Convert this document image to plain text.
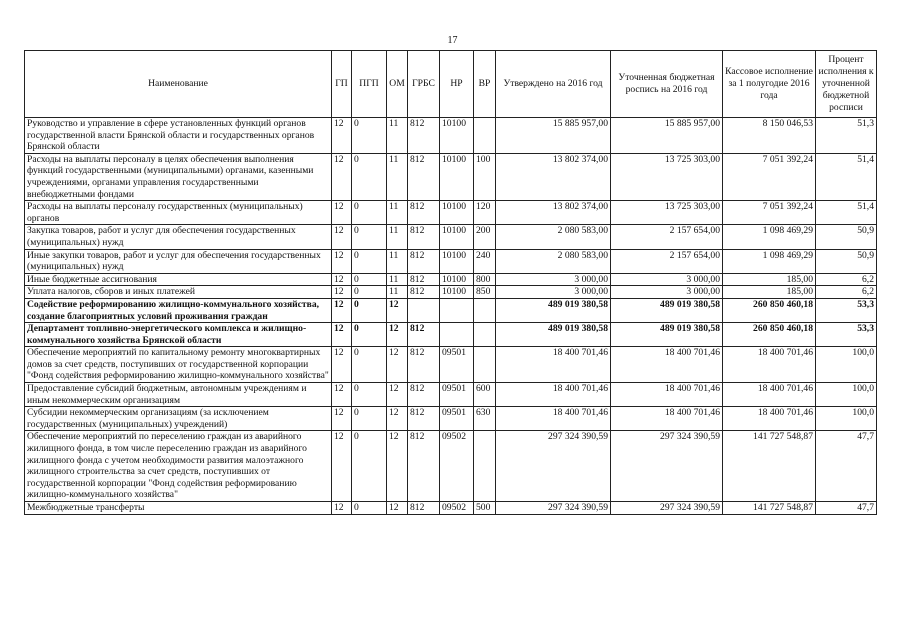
17
Наименование	ГП	ПГП	ОМ	ГРБС	НР	ВР	Утверждено на 2016 год	Уточненная бюджетная роспись на 2016 год	Кассовое исполнение за 1 полугодие 2016 года	Процент исполнения к уточненной бюджетной росписи
Руководство и управление в сфере установленных функций органов государственной власти Брянской области и государственных органов Брянской области	12	0	11	812	10100		15 885 957,00	15 885 957,00	8 150 046,53	51,3
Расходы на выплаты персоналу в целях обеспечения выполнения функций государственными (муниципальными) органами, казенными учреждениями, органами управления государственными внебюджетными фондами	12	0	11	812	10100	100	13 802 374,00	13 725 303,00	7 051 392,24	51,4
Расходы на выплаты персоналу государственных (муниципальных) органов	12	0	11	812	10100	120	13 802 374,00	13 725 303,00	7 051 392,24	51,4
Закупка товаров, работ и услуг для обеспечения государственных (муниципальных) нужд	12	0	11	812	10100	200	2 080 583,00	2 157 654,00	1 098 469,29	50,9
Иные закупки товаров, работ и услуг для обеспечения государственных (муниципальных) нужд	12	0	11	812	10100	240	2 080 583,00	2 157 654,00	1 098 469,29	50,9
Иные бюджетные ассигнования	12	0	11	812	10100	800	3 000,00	3 000,00	185,00	6,2
Уплата налогов, сборов и иных платежей	12	0	11	812	10100	850	3 000,00	3 000,00	185,00	6,2
Содействие реформированию жилищно-коммунального хозяйства, создание благоприятных условий проживания граждан	12	0	12				489 019 380,58	489 019 380,58	260 850 460,18	53,3
Департамент топливно-энергетического комплекса и жилищно-коммунального хозяйства Брянской области	12	0	12	812			489 019 380,58	489 019 380,58	260 850 460,18	53,3
Обеспечение мероприятий по капитальному ремонту многоквартирных домов за счет средств, поступивших от государственной корпорации "Фонд содействия реформированию жилищно-коммунального хозяйства"	12	0	12	812	09501		18 400 701,46	18 400 701,46	18 400 701,46	100,0
Предоставление субсидий бюджетным, автономным учреждениям и иным некоммерческим организациям	12	0	12	812	09501	600	18 400 701,46	18 400 701,46	18 400 701,46	100,0
Субсидии некоммерческим организациям (за исключением государственных (муниципальных) учреждений)	12	0	12	812	09501	630	18 400 701,46	18 400 701,46	18 400 701,46	100,0
Обеспечение мероприятий по переселению граждан из аварийного жилищного фонда, в том числе переселению граждан из аварийного жилищного фонда с учетом необходимости развития малоэтажного жилищного строительства за счет средств, поступивших от государственной корпорации "Фонд содействия реформированию жилищно-коммунального хозяйства"	12	0	12	812	09502		297 324 390,59	297 324 390,59	141 727 548,87	47,7
Межбюджетные трансферты	12	0	12	812	09502	500	297 324 390,59	297 324 390,59	141 727 548,87	47,7
